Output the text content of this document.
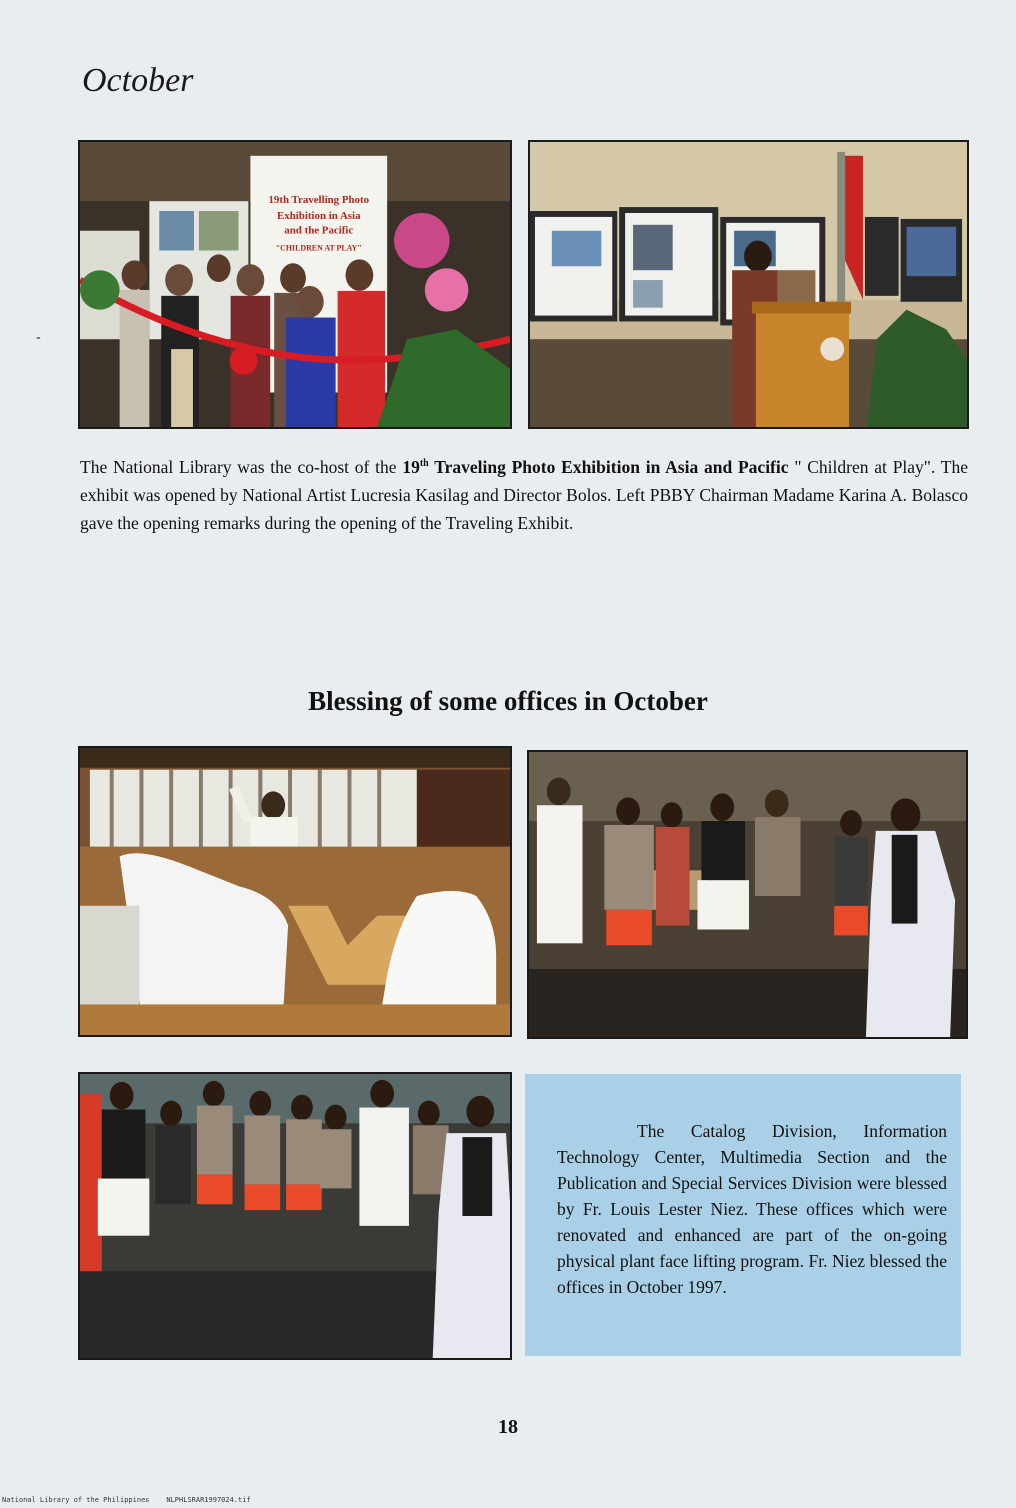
October
-
19th Travelling Photo
Exhibition in Asia
and the Pacific
"CHILDREN AT PLAY"
The National Library was the co-host of the 19th Traveling Photo Exhibition in Asia and Pacific " Children at Play". The exhibit was opened by National Artist Lucresia Kasilag and Director Bolos. Left PBBY Chairman Madame Karina A. Bolasco gave the opening remarks during the opening of the Traveling Exhibit.
Blessing of some offices in October
The Catalog Division, Information Technology Center, Multimedia Section and the Publication and Special Services Division were blessed by Fr. Louis Lester Niez. These offices which were renovated and enhanced are part of the on-going physical plant face lifting program. Fr. Niez blessed the offices in October 1997.
18
National Library of the Philippines NLPHLSRAR1997024.tif
